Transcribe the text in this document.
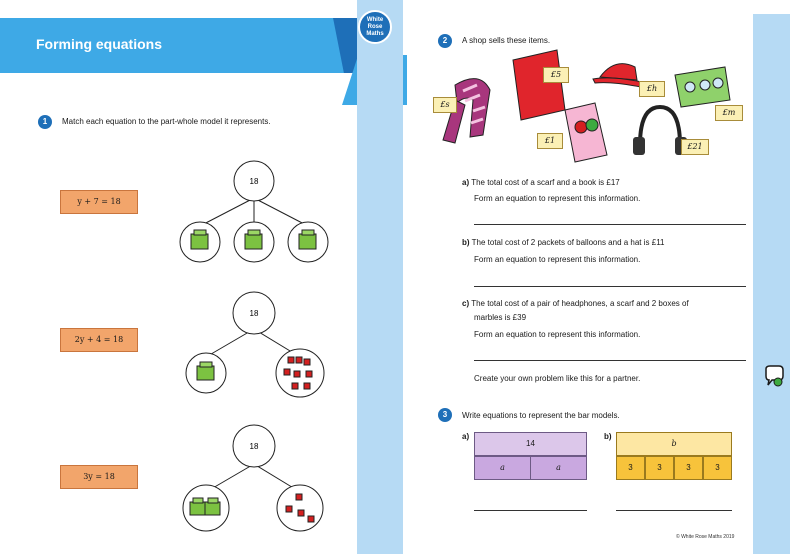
Forming equations
1	Match each equation to the part-whole model it represents.
y + 7 = 18
2y + 4 = 18
3y = 18
18
18
18
White
Rose
Maths
2	A shop sells these items.
£s
£5
£h
£m
£1
£21
a) The total cost of a scarf and a book is £17
Form an equation to represent this information.
b) The total cost of 2 packets of balloons and a hat is £11
Form an equation to represent this information.
c) The total cost of a pair of headphones, a scarf and 2 boxes of
marbles is £39
Form an equation to represent this information.
Create your own problem like this for a partner.
3	Write equations to represent the bar models.
a)
14
a	a
b)
b
3	3	3	3
© White Rose Maths 2019
